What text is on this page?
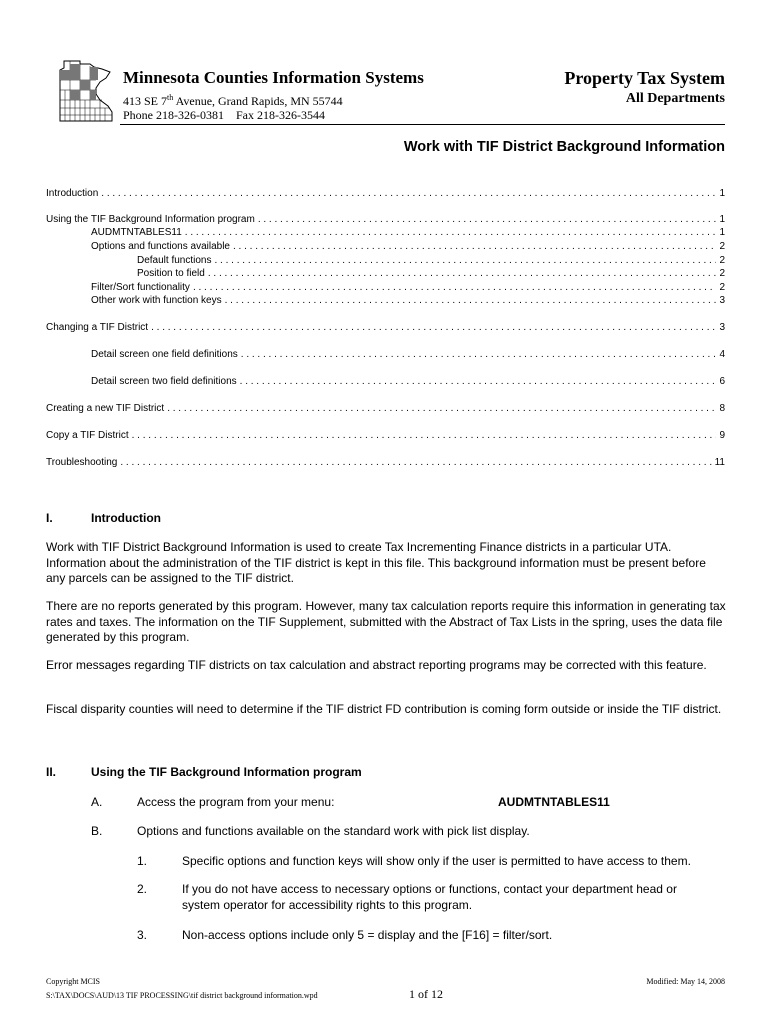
Minnesota Counties Information Systems
413 SE 7th Avenue, Grand Rapids, MN 55744
Phone 218-326-0381    Fax 218-326-3544
Property Tax System
All Departments
Work with TIF District Background Information
Introduction . . .	1
Using the TIF Background Information program . . .	1
AUDMTNTABLES11 . . .	1
Options and functions available . . .	2
Default functions . . .	2
Position to field . . .	2
Filter/Sort functionality . . .	2
Other work with function keys . . .	3
Changing a TIF District . . .	3
Detail screen one field definitions . . .	4
Detail screen two field definitions . . .	6
Creating a new TIF District . . .	8
Copy a TIF District . . .	9
Troubleshooting . . .	11
I.	Introduction
Work with TIF District Background Information is used to create Tax Incrementing Finance districts in a particular UTA. Information about the administration of the TIF district is kept in this file. This background information must be present before any parcels can be assigned to the TIF district.
There are no reports generated by this program. However, many tax calculation reports require this information in generating tax rates and taxes. The information on the TIF Supplement, submitted with the Abstract of Tax Lists in the spring, uses the data file generated by this program.
Error messages regarding TIF districts on tax calculation and abstract reporting programs may be corrected with this feature.
Fiscal disparity counties will need to determine if the TIF district FD contribution is coming form outside or inside the TIF district.
II.	Using the TIF Background Information program
A.	Access the program from your menu:	AUDMTNTABLES11
B.	Options and functions available on the standard work with pick list display.
1.	Specific options and function keys will show only if the user is permitted to have access to them.
2.	If you do not have access to necessary options or functions, contact your department head or system operator for accessibility rights to this program.
3.	Non-access options include only 5 = display and the [F16] = filter/sort.
Copyright MCIS
S:\TAX\DOCS\AUD\13 TIF PROCESSING\tif district background information.wpd	1 of 12
Modified: May 14, 2008
